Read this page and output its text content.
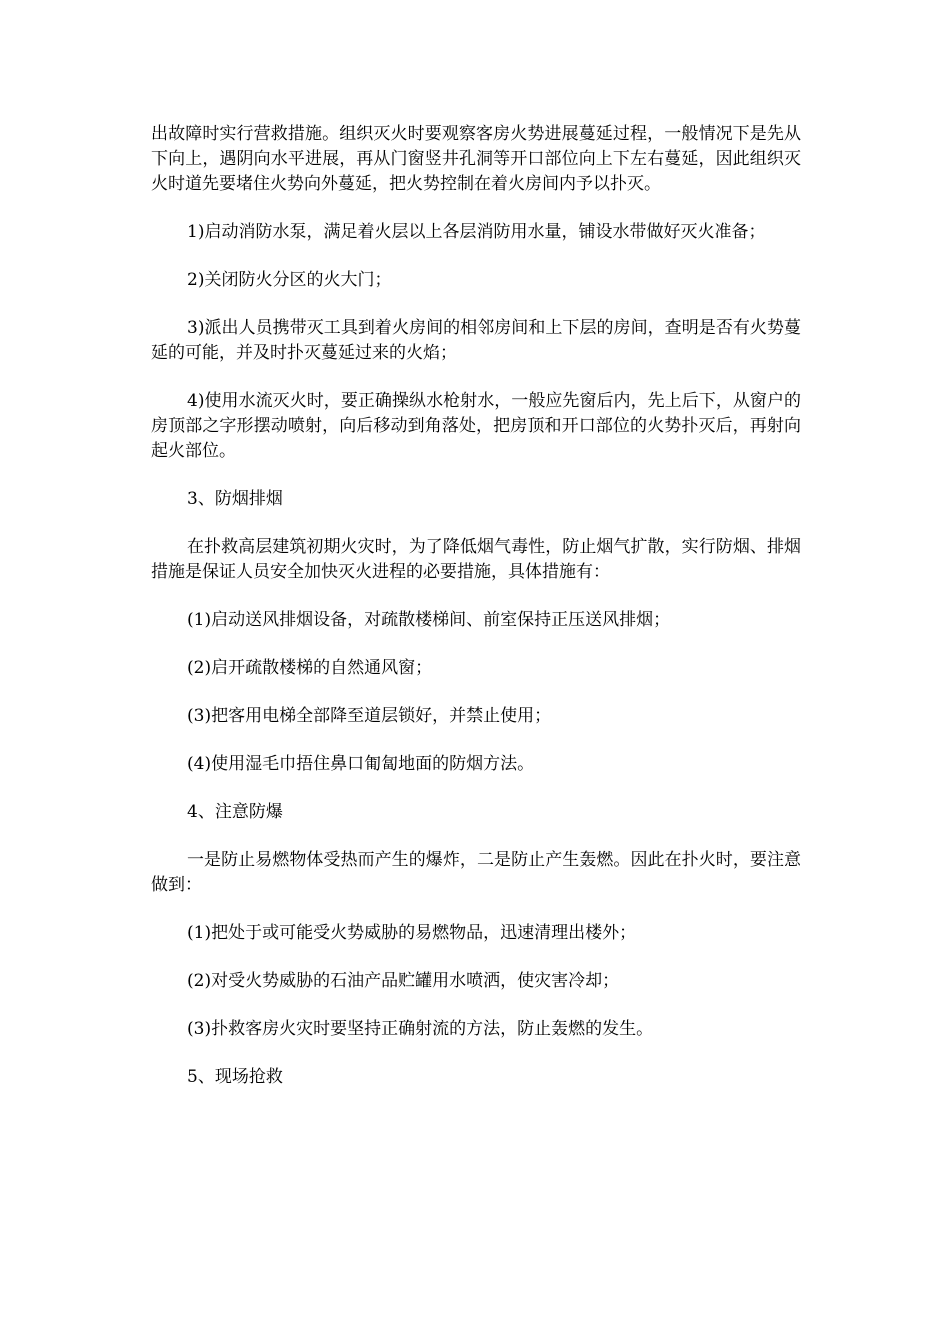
出故障时实行营救措施。组织灭火时要观察客房火势进展蔓延过程，一般情况下是先从下向上，遇阴向水平进展，再从门窗竖井孔洞等开口部位向上下左右蔓延，因此组织灭火时道先要堵住火势向外蔓延，把火势控制在着火房间内予以扑灭。

1)启动消防水泵，满足着火层以上各层消防用水量，铺设水带做好灭火准备；

2)关闭防火分区的火大门；

3)派出人员携带灭工具到着火房间的相邻房间和上下层的房间，查明是否有火势蔓延的可能，并及时扑灭蔓延过来的火焰；

4)使用水流灭火时，要正确操纵水枪射水，一般应先窗后内，先上后下，从窗户的房顶部之字形摆动喷射，向后移动到角落处，把房顶和开口部位的火势扑灭后，再射向起火部位。

3、防烟排烟

在扑救高层建筑初期火灾时，为了降低烟气毒性，防止烟气扩散，实行防烟、排烟措施是保证人员安全加快灭火进程的必要措施，具体措施有：

(1)启动送风排烟设备，对疏散楼梯间、前室保持正压送风排烟；

(2)启开疏散楼梯的自然通风窗；

(3)把客用电梯全部降至道层锁好，并禁止使用；

(4)使用湿毛巾捂住鼻口匍匐地面的防烟方法。

4、注意防爆

一是防止易燃物体受热而产生的爆炸，二是防止产生轰燃。因此在扑火时，要注意做到：

(1)把处于或可能受火势威胁的易燃物品，迅速清理出楼外；

(2)对受火势威胁的石油产品贮罐用水喷洒，使灾害冷却；

(3)扑救客房火灾时要坚持正确射流的方法，防止轰燃的发生。

5、现场抢救
